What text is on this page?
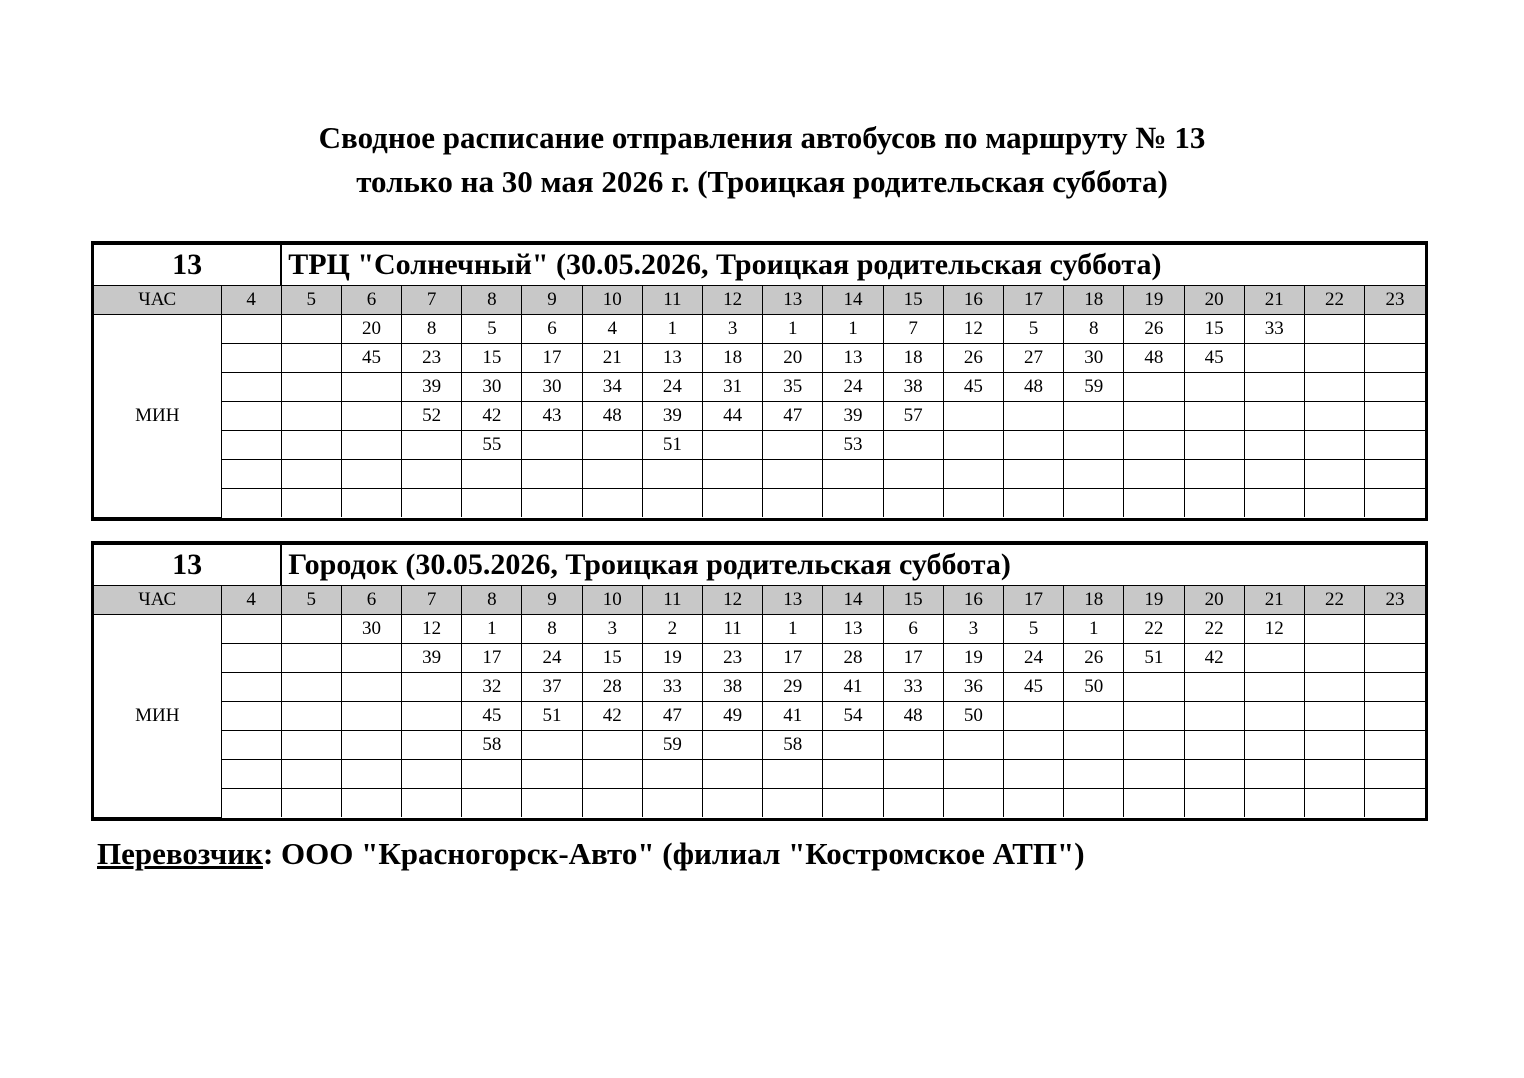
Сводное расписание отправления автобусов по маршруту № 13
только на 30 мая 2026 г. (Троицкая родительская суббота)
13		ТРЦ "Солнечный" (30.05.2026, Троицкая родительская суббота)																		
ЧАС	4	5	6	7	8	9	10	11	12	13	14	15	16	17	18	19	20	21	22	23
МИН			20	8	5	6	4	1	3	1	1	7	12	5	8	26	15	33		
			45	23	15	17	21	13	18	20	13	18	26	27	30	48	45			
				39	30	30	34	24	31	35	24	38	45	48	59					
				52	42	43	48	39	44	47	39	57								
					55			51			53									

13		Городок (30.05.2026, Троицкая родительская суббота)																		
ЧАС	4	5	6	7	8	9	10	11	12	13	14	15	16	17	18	19	20	21	22	23
МИН			30	12	1	8	3	2	11	1	13	6	3	5	1	22	22	12		
				39	17	24	15	19	23	17	28	17	19	24	26	51	42			
					32	37	28	33	38	29	41	33	36	45	50					
					45	51	42	47	49	41	54	48	50							
					58			59		58										

Перевозчик: ООО "Красногорск-Авто" (филиал "Костромское АТП")
